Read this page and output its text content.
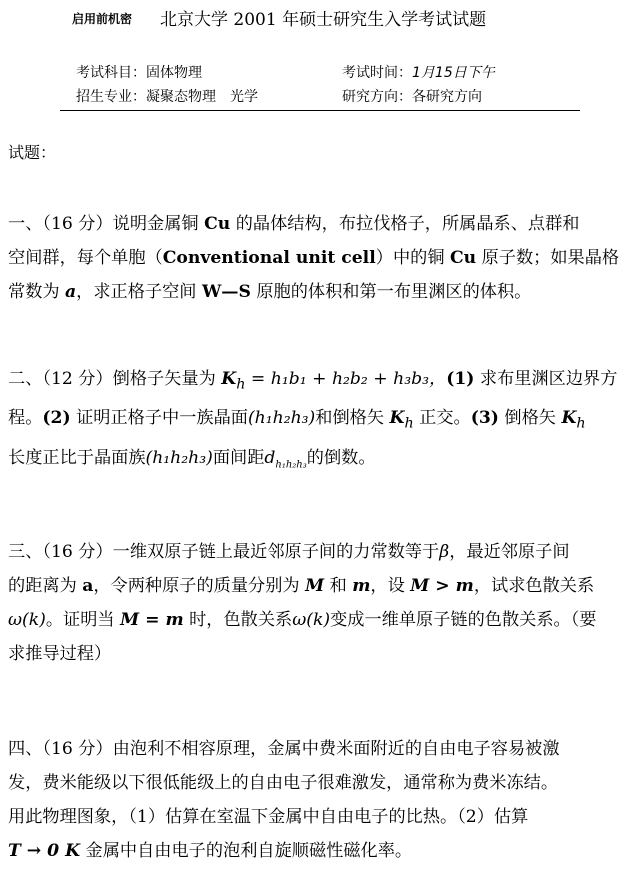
启用前机密 北京大学 2001 年硕士研究生入学考试试题
考试科目：固体物理	考试时间：1月15日下午
招生专业：凝聚态物理　光学	研究方向：各研究方向
试题：

一、（16 分）说明金属铜 Cu 的晶体结构，布拉伐格子，所属晶系、点群和

空间群，每个单胞（Conventional unit cell）中的铜 Cu 原子数；如果晶格

常数为 a，求正格子空间 W—S 原胞的体积和第一布里渊区的体积。

二、（12 分）倒格子矢量为 $K_h = h_1b_1 + h_2b_2 + h_3b_3$，(1) 求布里渊区边界方

程。(2) 证明正格子中一族晶面(h₁h₂h₃)和倒格矢 $K_h$ 正交。(3) 倒格矢 $K_h$

长度正比于晶面族(h₁h₂h₃)面间距$d_{h_1h_2h_3}$的倒数。

三、（16 分）一维双原子链上最近邻原子间的力常数等于β，最近邻原子间

的距离为 a，令两种原子的质量分别为 M 和 m，设 M > m，试求色散关系

ω(k)。证明当 M = m 时，色散关系ω(k)变成一维单原子链的色散关系。（要

求推导过程）

四、（16 分）由泡利不相容原理，金属中费米面附近的自由电子容易被激

发，费米能级以下很低能级上的自由电子很难激发，通常称为费米冻结。

用此物理图象，（1）估算在室温下金属中自由电子的比热。（2）估算

T → 0 K 金属中自由电子的泡利自旋顺磁性磁化率。
